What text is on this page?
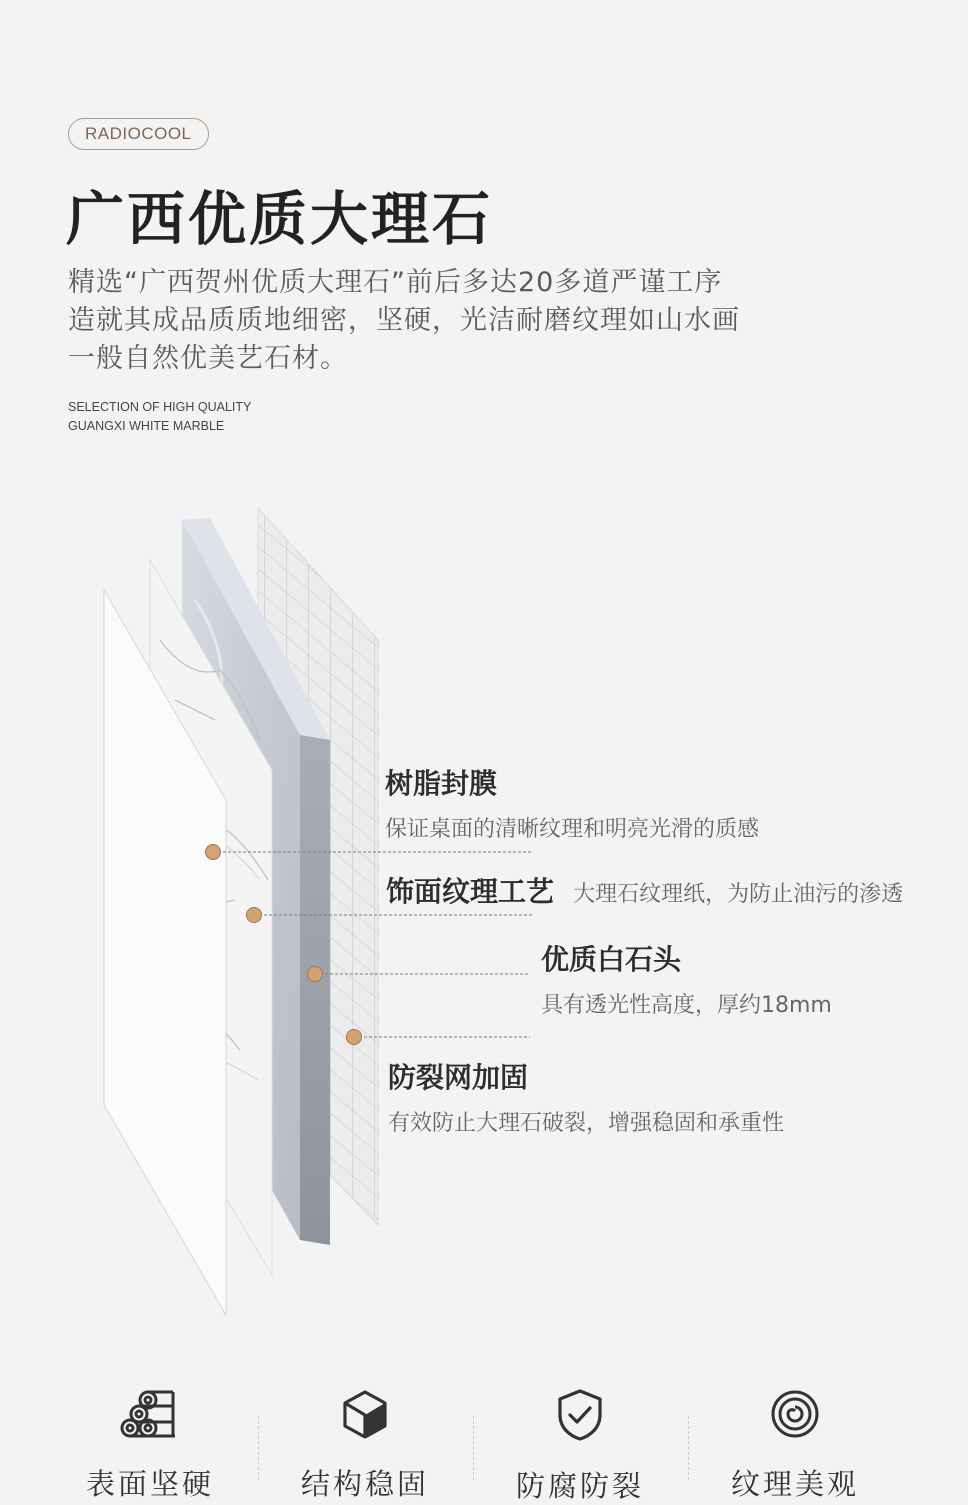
RADIOCOOL
广西优质大理石

精选“广西贺州优质大理石”前后多达20多道严谨工序
造就其成品质质地细密，坚硬，光洁耐磨纹理如山水画
一般自然优美艺石材。

SELECTION OF HIGH QUALITY
GUANGXI WHITE MARBLE
树脂封膜
保证桌面的清晰纹理和明亮光滑的质感
饰面纹理工艺 大理石纹理纸，为防止油污的渗透
优质白石头
具有透光性高度，厚约18mm
防裂网加固
有效防止大理石破裂，增强稳固和承重性
表面坚硬	结构稳固	防腐防裂	纹理美观
